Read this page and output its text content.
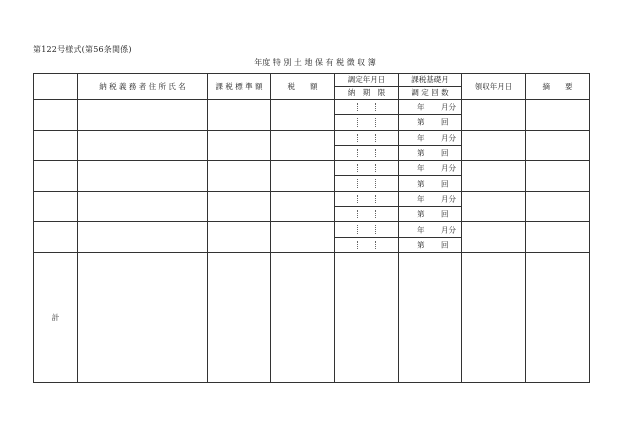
第122号様式(第56条関係)
年度 特 別 土 地 保 有 税 徴 収 簿
	納 税 義 務 者 住 所 氏 名	課 税 標 準 額	税　　額	調定年月日	課税基礎月	領収年月日	摘　　要
				納　期　限	調 定 回 数		

					年 月分		

					第 回		

					年 月分		

					第 回		

					年 月分		

					第 回		

					年 月分		

					第 回		

					年 月分		

					第 回		

計							
